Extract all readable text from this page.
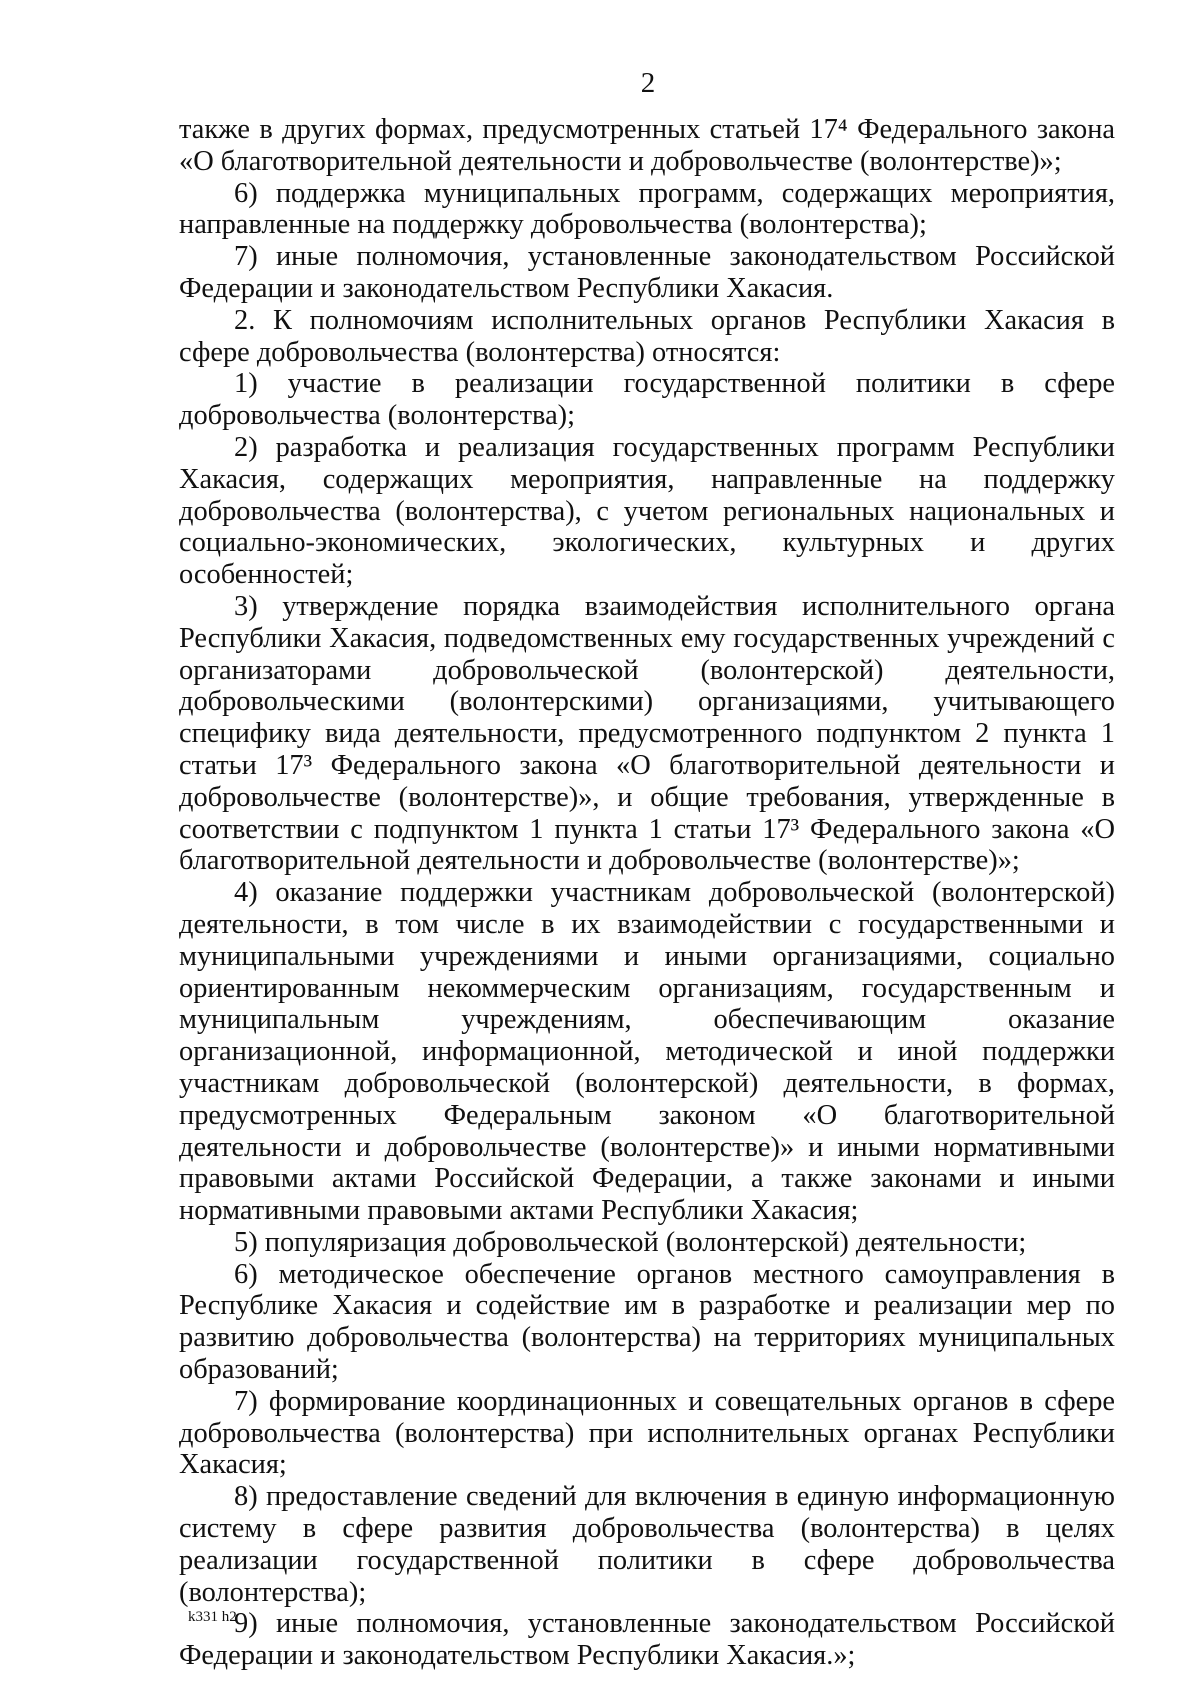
2

также в других формах, предусмотренных статьей 17⁴ Федерального закона «О благотворительной деятельности и добровольчестве (волонтерстве)»;

6) поддержка муниципальных программ, содержащих мероприятия, направленные на поддержку добровольчества (волонтерства);

7) иные полномочия, установленные законодательством Российской Федерации и законодательством Республики Хакасия.

2. К полномочиям исполнительных органов Республики Хакасия в сфере добровольчества (волонтерства) относятся:

1) участие в реализации государственной политики в сфере добровольчества (волонтерства);

2) разработка и реализация государственных программ Республики Хакасия, содержащих мероприятия, направленные на поддержку добровольчества (волонтерства), с учетом региональных национальных и социально-экономических, экологических, культурных и других особенностей;

3) утверждение порядка взаимодействия исполнительного органа Республики Хакасия, подведомственных ему государственных учреждений с организаторами добровольческой (волонтерской) деятельности, добровольческими (волонтерскими) организациями, учитывающего специфику вида деятельности, предусмотренного подпунктом 2 пункта 1 статьи 17³ Федерального закона «О благотворительной деятельности и добровольчестве (волонтерстве)», и общие требования, утвержденные в соответствии с подпунктом 1 пункта 1 статьи 17³ Федерального закона «О благотворительной деятельности и добровольчестве (волонтерстве)»;

4) оказание поддержки участникам добровольческой (волонтерской) деятельности, в том числе в их взаимодействии с государственными и муниципальными учреждениями и иными организациями, социально ориентированным некоммерческим организациям, государственным и муниципальным учреждениям, обеспечивающим оказание организационной, информационной, методической и иной поддержки участникам добровольческой (волонтерской) деятельности, в формах, предусмотренных Федеральным законом «О благотворительной деятельности и добровольчестве (волонтерстве)» и иными нормативными правовыми актами Российской Федерации, а также законами и иными нормативными правовыми актами Республики Хакасия;

5) популяризация добровольческой (волонтерской) деятельности;

6) методическое обеспечение органов местного самоуправления в Республике Хакасия и содействие им в разработке и реализации мер по развитию добровольчества (волонтерства) на территориях муниципальных образований;

7) формирование координационных и совещательных органов в сфере добровольчества (волонтерства) при исполнительных органах Республики Хакасия;

8) предоставление сведений для включения в единую информационную систему в сфере развития добровольчества (волонтерства) в целях реализации государственной политики в сфере добровольчества (волонтерства);

9) иные полномочия, установленные законодательством Российской Федерации и законодательством Республики Хакасия.»;

k331 h2
